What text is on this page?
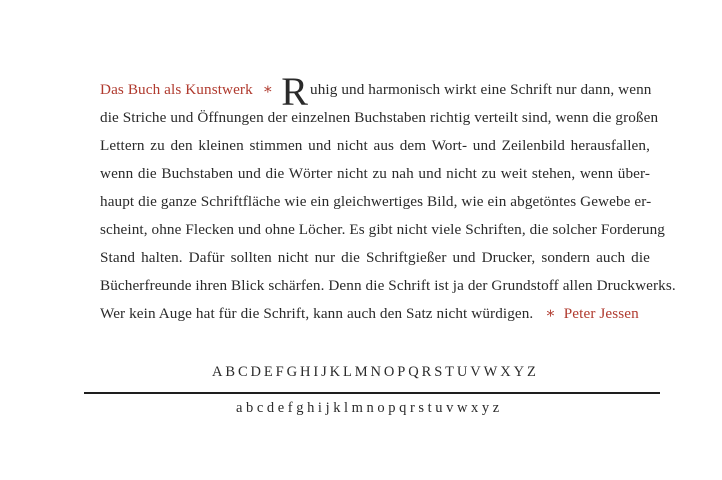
Das Buch als Kunstwerk ∗ R uhig und harmonisch wirkt eine Schrift nur dann, wenn
die Striche und Öffnungen der einzelnen Buchstaben richtig verteilt sind, wenn die großen
Lettern zu den kleinen stimmen und nicht aus dem Wort- und Zeilenbild herausfallen,
wenn die Buchstaben und die Wörter nicht zu nah und nicht zu weit stehen, wenn über-
haupt die ganze Schriftfläche wie ein gleichwertiges Bild, wie ein abgetöntes Gewebe er-
scheint, ohne Flecken und ohne Löcher. Es gibt nicht viele Schriften, die solcher Forderung
Stand halten. Dafür sollten nicht nur die Schriftgießer und Drucker, sondern auch die
Bücherfreunde ihren Blick schärfen. Denn die Schrift ist ja der Grundstoff allen Druckwerks.
Wer kein Auge hat für die Schrift, kann auch den Satz nicht würdigen. ∗ Peter Jessen
ABCDEFGHIJKLMNOPQRSTUVWXYZ
abcdefghijklmnopqrstuvwxyz
